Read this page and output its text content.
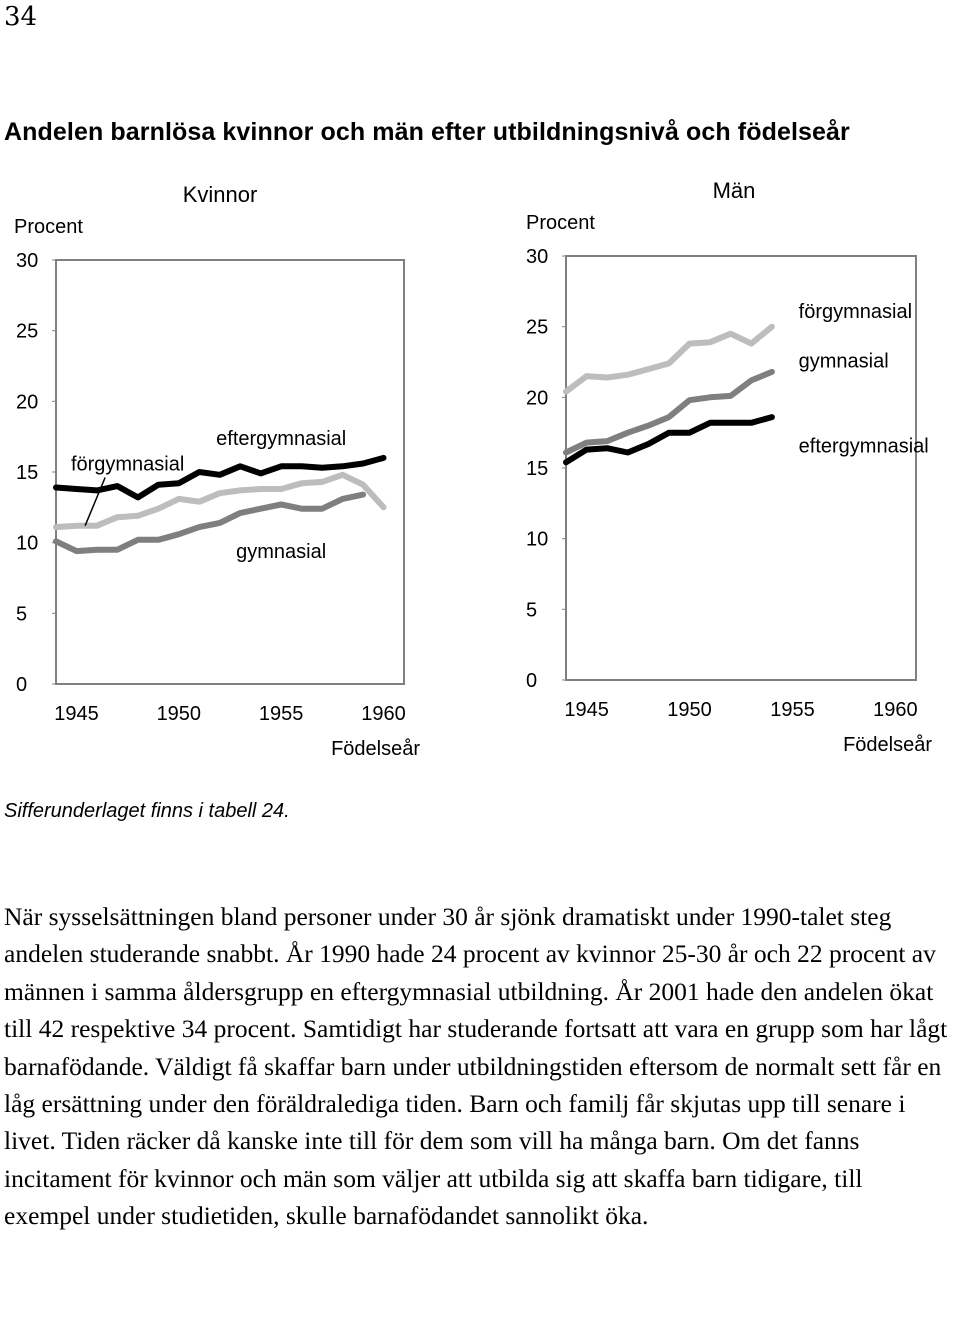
34
Andelen barnlösa kvinnor och män efter utbildningsnivå och födelseår
Kvinnor
Procent
0
5
10
15
20
25
30
1945	1950	1955	1960
Födelseår
förgymnasial
gymnasial
eftergymnasial
Män
Procent
0
5
10
15
20
25
30
1945	1950	1955	1960
Födelseår
förgymnasial
gymnasial
eftergymnasial
Sifferunderlaget finns i tabell 24.

När sysselsättningen bland personer under 30 år sjönk dramatiskt under 1990-talet steg andelen studerande snabbt. År 1990 hade 24 procent av kvinnor 25-30 år och 22 procent av männen i samma åldersgrupp en eftergymnasial utbildning. År 2001 hade den andelen ökat till 42 respektive 34 procent. Samtidigt har studerande fortsatt att vara en grupp som har lågt barnafödande. Väldigt få skaffar barn under utbildningstiden eftersom de normalt sett får en låg ersättning under den föräldralediga tiden. Barn och familj får skjutas upp till senare i livet. Tiden räcker då kanske inte till för dem som vill ha många barn. Om det fanns incitament för kvinnor och män som väljer att utbilda sig att skaffa barn tidigare, till exempel under studietiden, skulle barnafödandet sannolikt öka.
